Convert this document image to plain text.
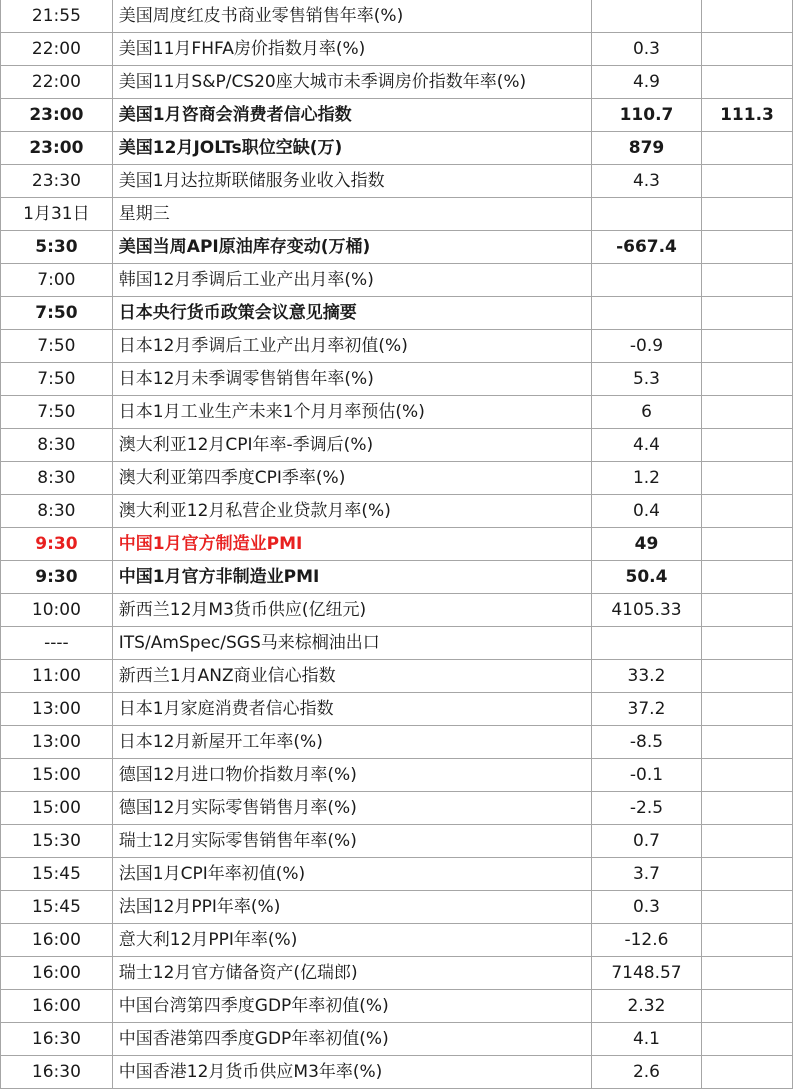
21:55	美国周度红皮书商业零售销售年率(%)		
22:00	美国11月FHFA房价指数月率(%)	0.3	
22:00	美国11月S&P/CS20座大城市未季调房价指数年率(%)	4.9	
23:00	美国1月咨商会消费者信心指数	110.7	111.3
23:00	美国12月JOLTs职位空缺(万)	879	
23:30	美国1月达拉斯联储服务业收入指数	4.3	
1月31日	星期三		
5:30	美国当周API原油库存变动(万桶)	-667.4	
7:00	韩国12月季调后工业产出月率(%)		
7:50	日本央行货币政策会议意见摘要		
7:50	日本12月季调后工业产出月率初值(%)	-0.9	
7:50	日本12月未季调零售销售年率(%)	5.3	
7:50	日本1月工业生产未来1个月月率预估(%)	6	
8:30	澳大利亚12月CPI年率-季调后(%)	4.4	
8:30	澳大利亚第四季度CPI季率(%)	1.2	
8:30	澳大利亚12月私营企业贷款月率(%)	0.4	
9:30	中国1月官方制造业PMI	49	
9:30	中国1月官方非制造业PMI	50.4	
10:00	新西兰12月M3货币供应(亿纽元)	4105.33	
----	ITS/AmSpec/SGS马来棕榈油出口		
11:00	新西兰1月ANZ商业信心指数	33.2	
13:00	日本1月家庭消费者信心指数	37.2	
13:00	日本12月新屋开工年率(%)	-8.5	
15:00	德国12月进口物价指数月率(%)	-0.1	
15:00	德国12月实际零售销售月率(%)	-2.5	
15:30	瑞士12月实际零售销售年率(%)	0.7	
15:45	法国1月CPI年率初值(%)	3.7	
15:45	法国12月PPI年率(%)	0.3	
16:00	意大利12月PPI年率(%)	-12.6	
16:00	瑞士12月官方储备资产(亿瑞郎)	7148.57	
16:00	中国台湾第四季度GDP年率初值(%)	2.32	
16:30	中国香港第四季度GDP年率初值(%)	4.1	
16:30	中国香港12月货币供应M3年率(%)	2.6	
